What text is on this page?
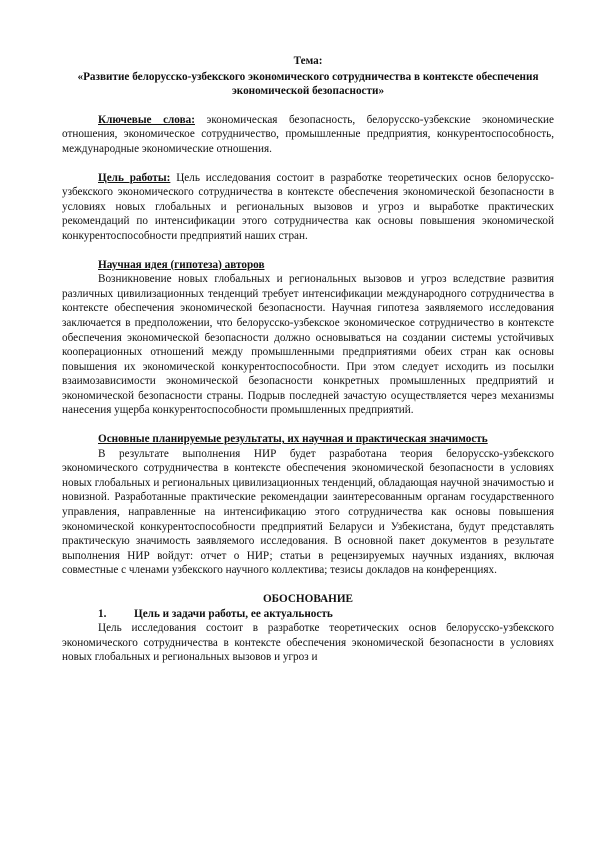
Тема:
«Развитие белорусско-узбекского экономического сотрудничества в контексте обеспечения экономической безопасности»

Ключевые слова: экономическая безопасность, белорусско-узбекские экономические отношения, экономическое сотрудничество, промышленные предприятия, конкурентоспособность, международные экономические отношения.

Цель работы: Цель исследования состоит в разработке теоретических основ белорусско-узбекского экономического сотрудничества в контексте обеспечения экономической безопасности в условиях новых глобальных и региональных вызовов и угроз и выработке практических рекомендаций по интенсификации этого сотрудничества как основы повышения экономической конкурентоспособности предприятий наших стран.

Научная идея (гипотеза) авторов

Возникновение новых глобальных и региональных вызовов и угроз вследствие развития различных цивилизационных тенденций требует интенсификации международного сотрудничества в контексте обеспечения экономической безопасности. Научная гипотеза заявляемого исследования заключается в предположении, что белорусско-узбекское экономическое сотрудничество в контексте обеспечения экономической безопасности должно основываться на создании системы устойчивых кооперационных отношений между промышленными предприятиями обеих стран как основы повышения их экономической конкурентоспособности. При этом следует исходить из посылки взаимозависимости экономической безопасности конкретных промышленных предприятий и экономической безопасности страны. Подрыв последней зачастую осуществляется через механизмы нанесения ущерба конкурентоспособности промышленных предприятий.

Основные планируемые результаты, их научная и практическая значимость

В результате выполнения НИР будет разработана теория белорусско-узбекского экономического сотрудничества в контексте обеспечения экономической безопасности в условиях новых глобальных и региональных цивилизационных тенденций, обладающая научной значимостью и новизной. Разработанные практические рекомендации заинтересованным органам государственного управления, направленные на интенсификацию этого сотрудничества как основы повышения экономической конкурентоспособности предприятий Беларуси и Узбекистана, будут представлять практическую значимость заявляемого исследования. В основной пакет документов в результате выполнения НИР войдут: отчет о НИР; статьи в рецензируемых научных изданиях, включая совместные с членами узбекского научного коллектива; тезисы докладов на конференциях.

ОБОСНОВАНИЕ
1. Цель и задачи работы, ее актуальность

Цель исследования состоит в разработке теоретических основ белорусско-узбекского экономического сотрудничества в контексте обеспечения экономической безопасности в условиях новых глобальных и региональных вызовов и угроз и
